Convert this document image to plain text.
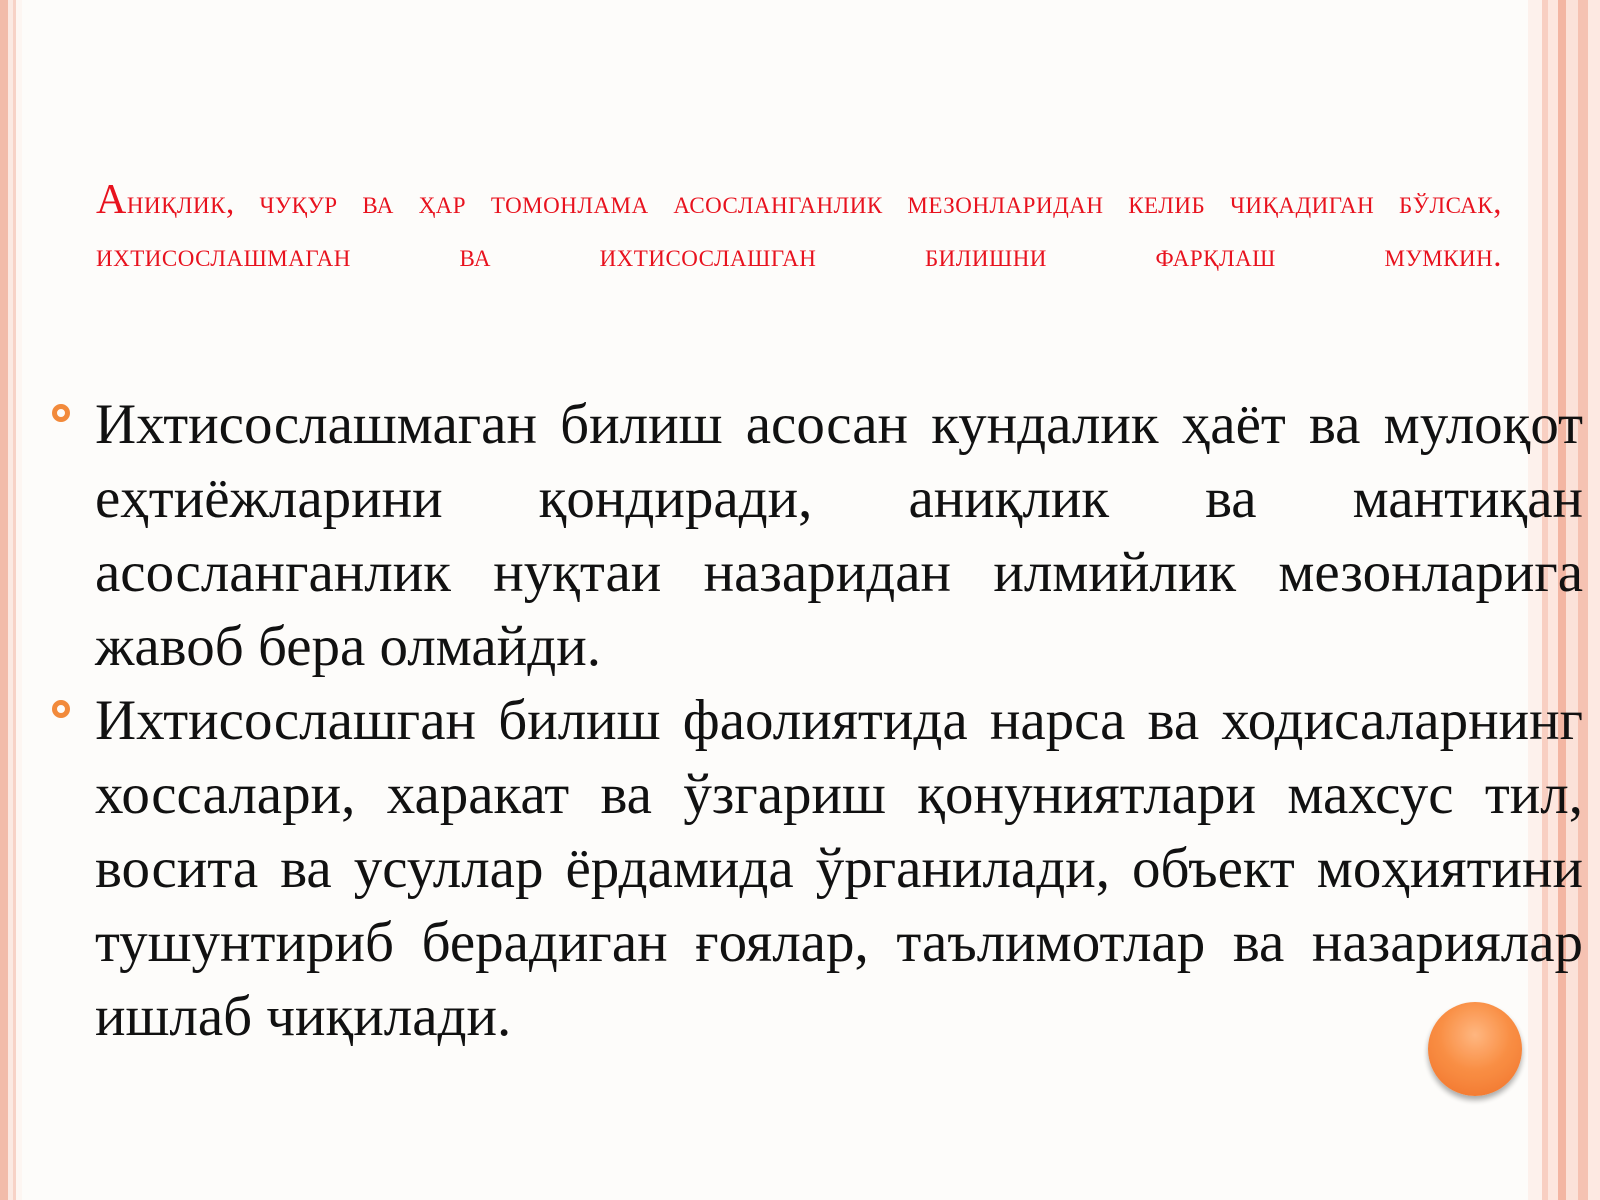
Аниқлик, чуқур ва ҳар томонлама асосланганлик мезонларидан келиб чиқадиган бўлсак, ихтисослашмаган ва ихтисослашган билишни фарқлаш мумкин.
Ихтисослашмаган билиш асосан кундалик ҳаёт ва мулоқот еҳтиёжларини қондиради, аниқлик ва мантиқан асосланганлик нуқтаи назаридан илмийлик мезонларига жавоб бера олмайди.
Ихтисослашган билиш фаолиятида нарса ва ходисаларнинг хоссалари, харакат ва ўзгариш қонуниятлари махсус тил, восита ва усуллар ёрдамида ўрганилади, объект моҳиятини тушунтириб берадиган ғоялар, таълимотлар ва назариялар ишлаб чиқилади.
